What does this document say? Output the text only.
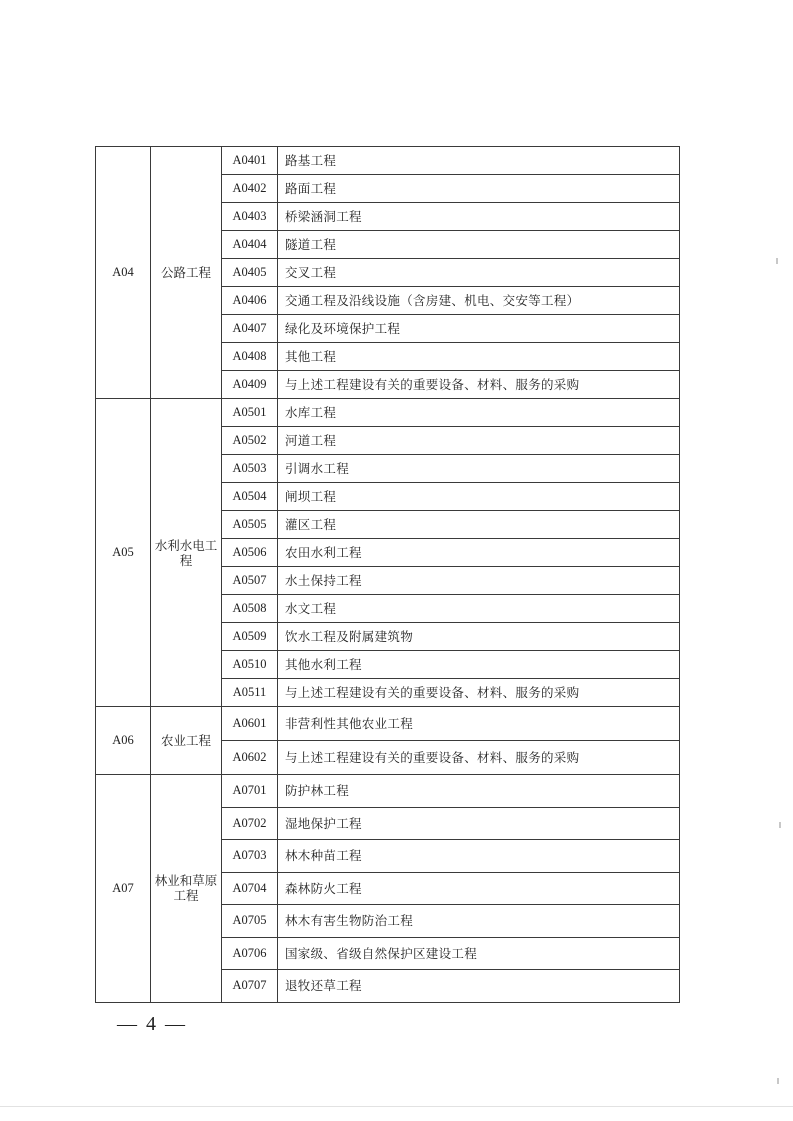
A04	公路工程	A0401	路基工程
		A0402	路面工程
		A0403	桥梁涵洞工程
		A0404	隧道工程
		A0405	交叉工程
		A0406	交通工程及沿线设施（含房建、机电、交安等工程）
		A0407	绿化及环境保护工程
		A0408	其他工程
		A0409	与上述工程建设有关的重要设备、材料、服务的采购
A05	水利水电工程	A0501	水库工程
		A0502	河道工程
		A0503	引调水工程
		A0504	闸坝工程
		A0505	灌区工程
		A0506	农田水利工程
		A0507	水土保持工程
		A0508	水文工程
		A0509	饮水工程及附属建筑物
		A0510	其他水利工程
		A0511	与上述工程建设有关的重要设备、材料、服务的采购
A06	农业工程	A0601	非营利性其他农业工程
		A0602	与上述工程建设有关的重要设备、材料、服务的采购
A07	林业和草原工程	A0701	防护林工程
		A0702	湿地保护工程
		A0703	林木种苗工程
		A0704	森林防火工程
		A0705	林木有害生物防治工程
		A0706	国家级、省级自然保护区建设工程
		A0707	退牧还草工程
— 4 —
